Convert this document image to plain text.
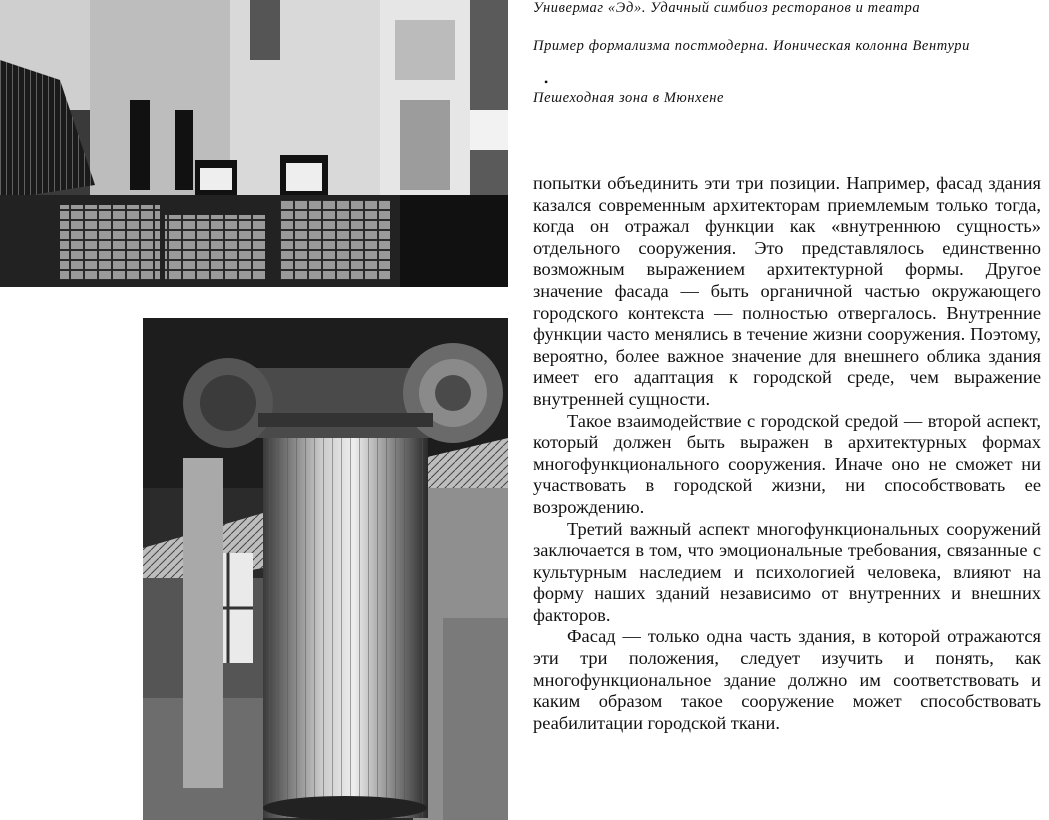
Универмаг «Эд». Удачный симбиоз ресторанов и театра

Пример формализма постмодерна. Ионическая колонна Вентури

•

Пешеходная зона в Мюнхене

попытки объединить эти три позиции. Например, фасад здания казался современным архитекторам приемлемым только тогда, когда он отражал функции как «внутреннюю сущность» отдельного сооружения. Это представлялось единственно возможным выражением архитектурной формы. Другое значение фасада — быть органичной частью окружающего городского контекста — полностью отвергалось. Внутренние функции часто менялись в течение жизни сооружения. Поэтому, вероятно, более важное значение для внешнего облика здания имеет его адаптация к городской среде, чем выражение внутренней сущности.

Такое взаимодействие с городской средой — второй аспект, который должен быть выражен в архитектурных формах многофункционального сооружения. Иначе оно не сможет ни участвовать в городской жизни, ни способствовать ее возрождению.

Третий важный аспект многофункциональных сооружений заключается в том, что эмоциональные требования, связанные с культурным наследием и психологией человека, влияют на форму наших зданий независимо от внутренних и внешних факторов.

Фасад — только одна часть здания, в которой отражаются эти три положения, следует изучить и понять, как многофункциональное здание должно им соответствовать и каким образом такое сооружение может способствовать реабилитации городской ткани.
